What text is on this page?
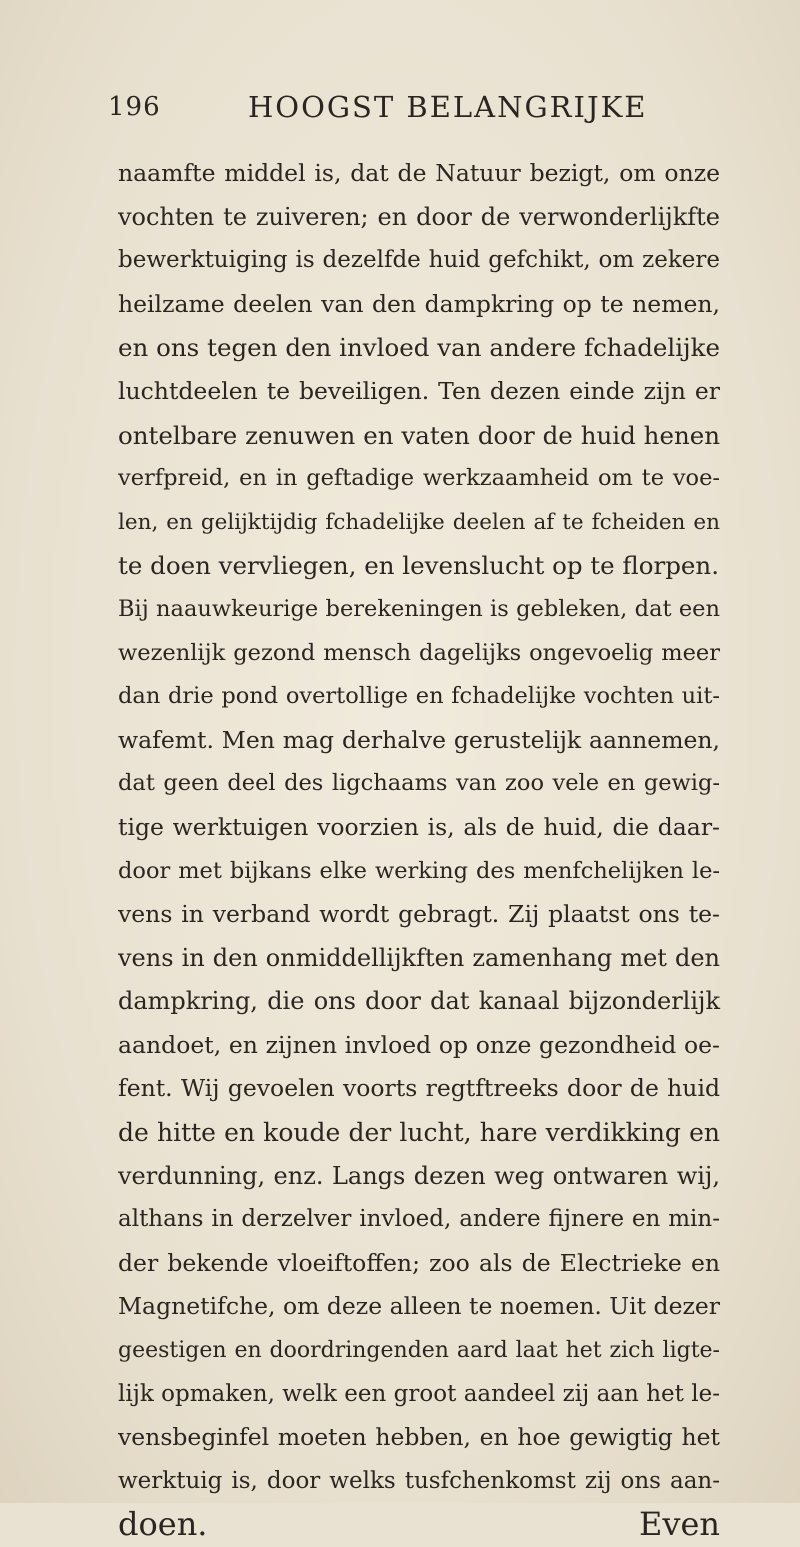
196	HOOGST BELANGRIJKE
naamfte middel is, dat de Natuur bezigt, om onze
vochten te zuiveren; en door de verwonderlijkfte
bewerktuiging is dezelfde huid gefchikt, om zekere
heilzame deelen van den dampkring op te nemen,
en ons tegen den invloed van andere fchadelijke
luchtdeelen te beveiligen. Ten dezen einde zijn er
ontelbare zenuwen en vaten door de huid henen
verfpreid, en in geftadige werkzaamheid om te voe-
len, en gelijktijdig fchadelijke deelen af te fcheiden en
te doen vervliegen, en levenslucht op te florpen.
Bij naauwkeurige berekeningen is gebleken, dat een
wezenlijk gezond mensch dagelijks ongevoelig meer
dan drie pond overtollige en fchadelijke vochten uit-
wafemt. Men mag derhalve gerustelijk aannemen,
dat geen deel des ligchaams van zoo vele en gewig-
tige werktuigen voorzien is, als de huid, die daar-
door met bijkans elke werking des menfchelijken le-
vens in verband wordt gebragt. Zij plaatst ons te-
vens in den onmiddellijkften zamenhang met den
dampkring, die ons door dat kanaal bijzonderlijk
aandoet, en zijnen invloed op onze gezondheid oe-
fent. Wij gevoelen voorts regtftreeks door de huid
de hitte en koude der lucht, hare verdikking en
verdunning, enz. Langs dezen weg ontwaren wij,
althans in derzelver invloed, andere fijnere en min-
der bekende vloeiftoffen; zoo als de Electrieke en
Magnetifche, om deze alleen te noemen. Uit dezer
geestigen en doordringenden aard laat het zich ligte-
lijk opmaken, welk een groot aandeel zij aan het le-
vensbeginfel moeten hebben, en hoe gewigtig het
werktuig is, door welks tusfchenkomst zij ons aan-
doen.	Even
